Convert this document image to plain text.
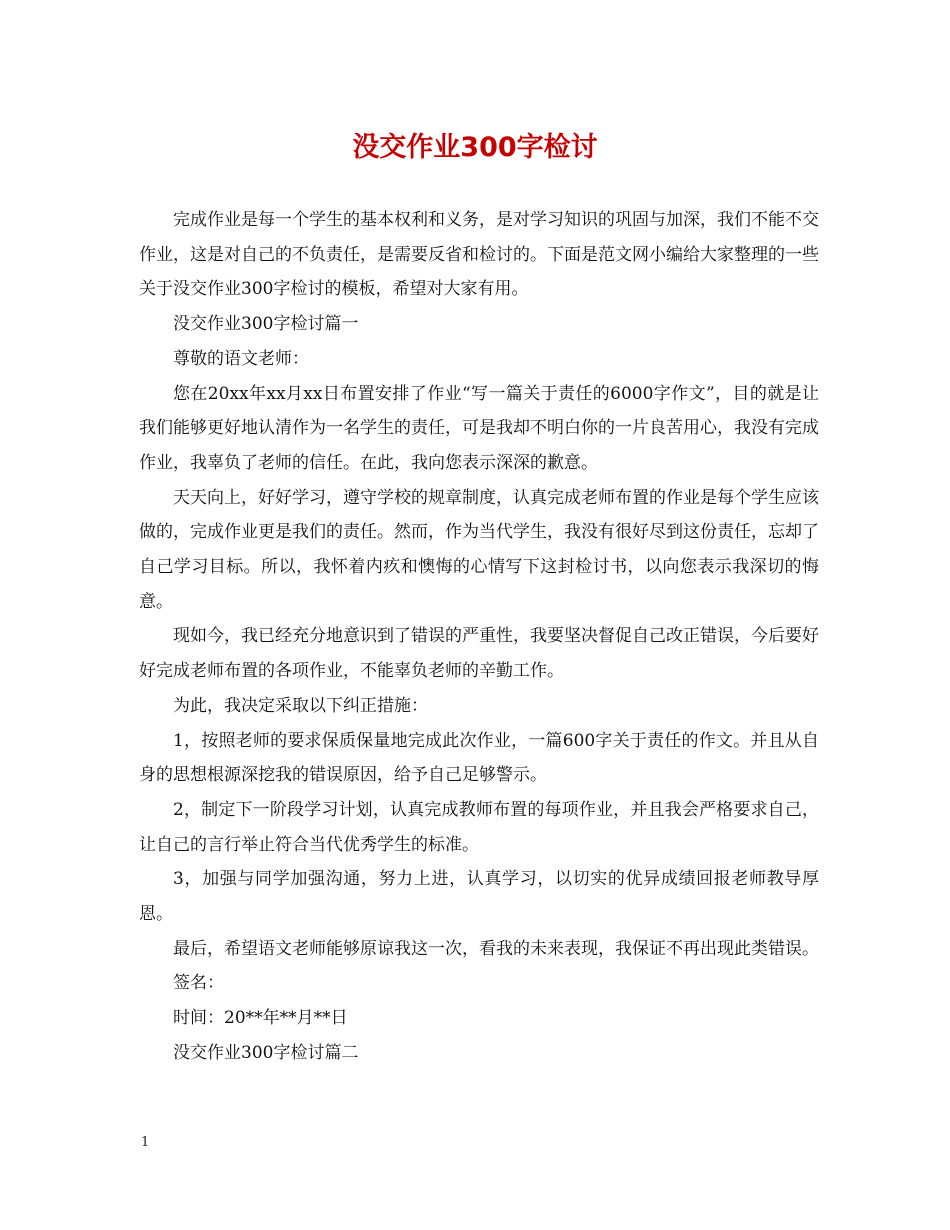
没交作业300字检讨

完成作业是每一个学生的基本权利和义务，是对学习知识的巩固与加深，我们不能不交作业，这是对自己的不负责任，是需要反省和检讨的。下面是范文网小编给大家整理的一些关于没交作业300字检讨的模板，希望对大家有用。

没交作业300字检讨篇一

尊敬的语文老师：

您在20xx年xx月xx日布置安排了作业“写一篇关于责任的6000字作文”，目的就是让我们能够更好地认清作为一名学生的责任，可是我却不明白你的一片良苦用心，我没有完成作业，我辜负了老师的信任。在此，我向您表示深深的歉意。

天天向上，好好学习，遵守学校的规章制度，认真完成老师布置的作业是每个学生应该做的，完成作业更是我们的责任。然而，作为当代学生，我没有很好尽到这份责任，忘却了自己学习目标。所以，我怀着内疚和懊悔的心情写下这封检讨书，以向您表示我深切的悔意。

现如今，我已经充分地意识到了错误的严重性，我要坚决督促自己改正错误，今后要好好完成老师布置的各项作业，不能辜负老师的辛勤工作。

为此，我决定采取以下纠正措施：

1，按照老师的要求保质保量地完成此次作业，一篇600字关于责任的作文。并且从自身的思想根源深挖我的错误原因，给予自己足够警示。

2，制定下一阶段学习计划，认真完成教师布置的每项作业，并且我会严格要求自己，让自己的言行举止符合当代优秀学生的标准。

3，加强与同学加强沟通，努力上进，认真学习，以切实的优异成绩回报老师教导厚恩。

最后，希望语文老师能够原谅我这一次，看我的未来表现，我保证不再出现此类错误。

签名：

时间：20**年**月**日

没交作业300字检讨篇二

1
